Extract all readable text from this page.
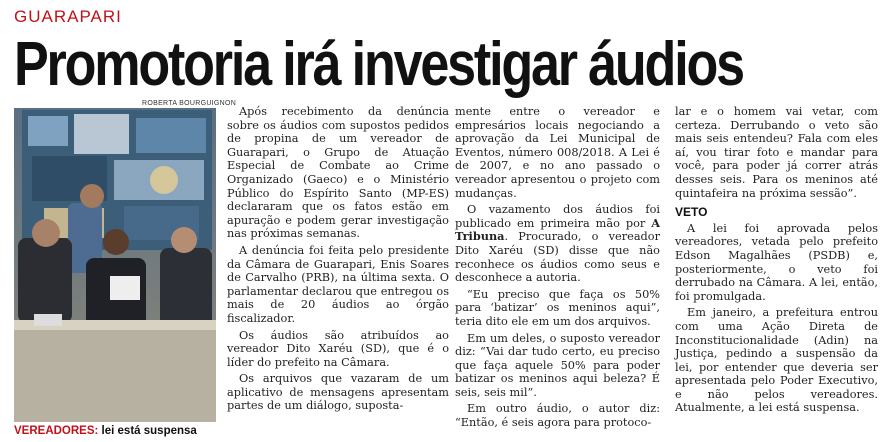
GUARAPARI
Promotoria irá investigar áudios
ROBERTA BOURGUIGNON
VEREADORES: lei está suspensa

Após recebimento da denúncia sobre os áudios com supostos pedidos de propina de um vereador de Guarapari, o Grupo de Atuação Especial de Combate ao Crime Organizado (Gaeco) e o Ministério Público do Espírito Santo (MP-ES) declararam que os fatos estão em apuração e podem gerar investigação nas próximas semanas.

A denúncia foi feita pelo presidente da Câmara de Guarapari, Enis Soares de Carvalho (PRB), na última sexta. O parlamentar declarou que entregou os mais de 20 áudios ao órgão fiscalizador.

Os áudios são atribuídos ao vereador Dito Xaréu (SD), que é o líder do prefeito na Câmara.

Os arquivos que vazaram de um aplicativo de mensagens apresentam partes de um diálogo, suposta-

mente entre o vereador e empresários locais negociando a aprovação da Lei Municipal de Eventos, número 008/2018. A Lei é de 2007, e no ano passado o vereador apresentou o projeto com mudanças.

O vazamento dos áudios foi publicado em primeira mão por A Tribuna. Procurado, o vereador Dito Xaréu (SD) disse que não reconhece os áudios como seus e desconhece a autoria.

“Eu preciso que faça os 50% para ‘batizar’ os meninos aqui”, teria dito ele em um dos arquivos.

Em um deles, o suposto vereador diz: “Vai dar tudo certo, eu preciso que faça aquele 50% para poder batizar os meninos aqui beleza? É seis, seis mil”.

Em outro áudio, o autor diz: “Então, é seis agora para protoco-

lar e o homem vai vetar, com certeza. Derrubando o veto são mais seis entendeu? Fala com eles aí, vou tirar foto e mandar para você, para poder já correr atrás desses seis. Para os meninos até quintafeira na próxima sessão”.

VETO

A lei foi aprovada pelos vereadores, vetada pelo prefeito Edson Magalhães (PSDB) e, posteriormente, o veto foi derrubado na Câmara. A lei, então, foi promulgada.

Em janeiro, a prefeitura entrou com uma Ação Direta de Inconstitucionalidade (Adin) na Justiça, pedindo a suspensão da lei, por entender que deveria ser apresentada pelo Poder Executivo, e não pelos vereadores. Atualmente, a lei está suspensa.
